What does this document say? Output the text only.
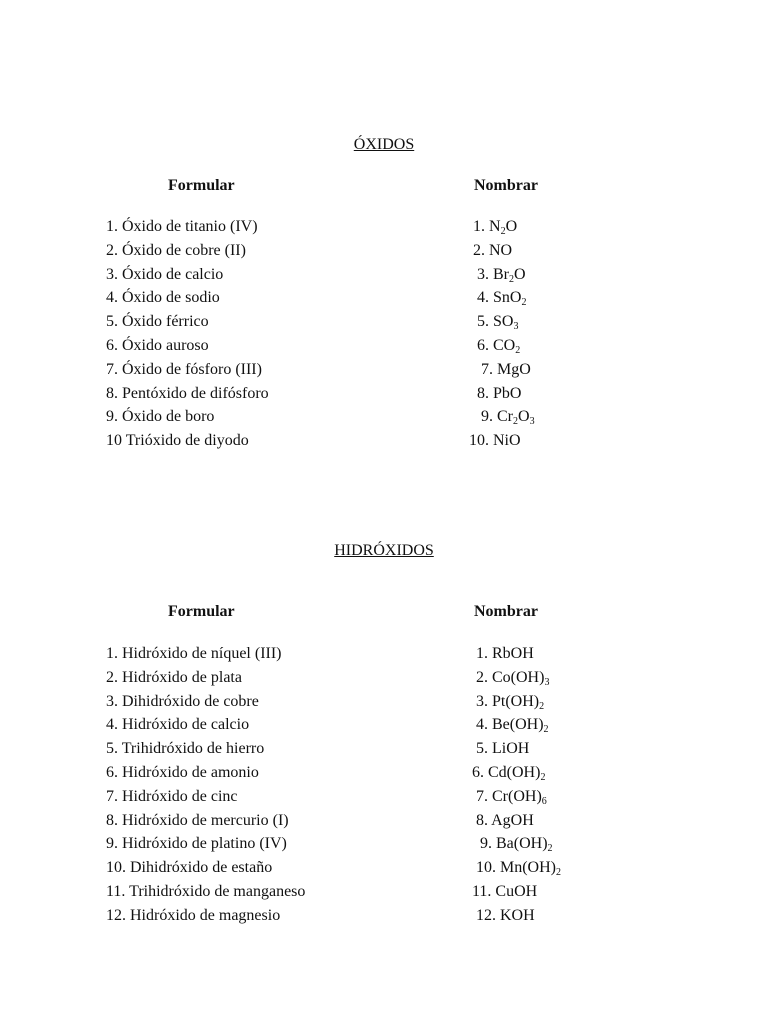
ÓXIDOS
Formular	Nombrar
1. Óxido de titanio (IV)
2. Óxido de cobre (II)
3. Óxido de calcio
4. Óxido de sodio
5. Óxido férrico
6. Óxido auroso
7. Óxido de fósforo (III)
8. Pentóxido de difósforo
9. Óxido de boro
10 Trióxido de diyodo
1. $N_2O$
2. NO
3. $Br_2O$
4. SnO$_2$
5. $SO_3$
6. $CO_2$
7. MgO
8. PbO
9. $Cr_2O_3$
10. NiO
HIDRÓXIDOS
Formular	Nombrar
1. Hidróxido de níquel (III)
2. Hidróxido de plata
3. Dihidróxido de cobre
4. Hidróxido de calcio
5. Trihidróxido de hierro
6. Hidróxido de amonio
7. Hidróxido de cinc
8. Hidróxido de mercurio (I)
9. Hidróxido de platino (IV)
10. Dihidróxido de estaño
11. Trihidróxido de manganeso
12. Hidróxido de magnesio
1. RbOH
2. $Co(OH)_3$
3. $Pt(OH)_2$
4. $Be(OH)_2$
5. LiOH
6. $Cd(OH)_2$
7. $Cr(OH)_6$
8. AgOH
9. $Ba(OH)_2$
10. $Mn(OH)_2$
11. CuOH
12. KOH
